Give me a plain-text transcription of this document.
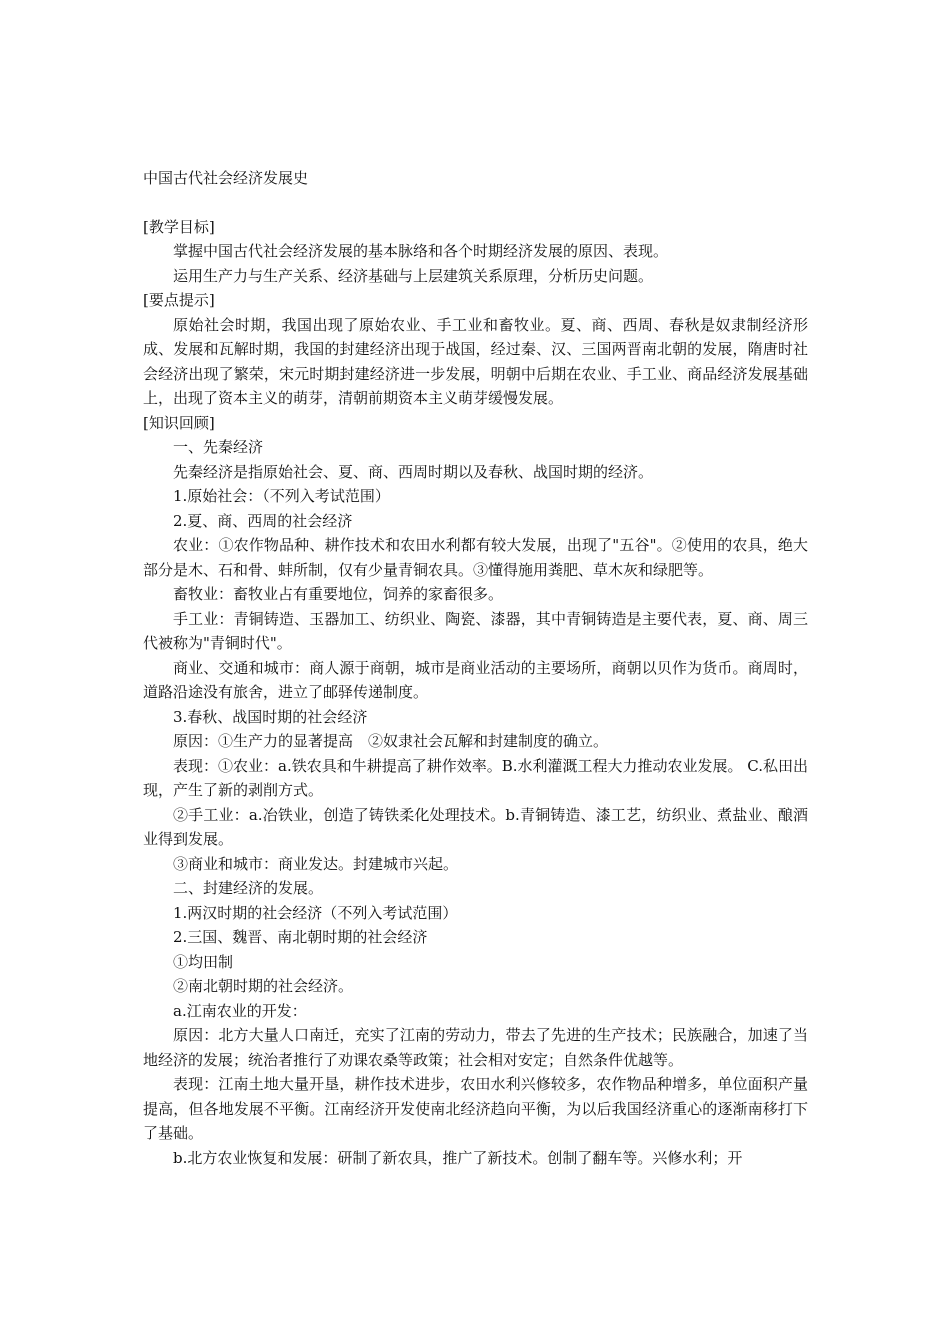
中国古代社会经济发展史
[教学目标]
掌握中国古代社会经济发展的基本脉络和各个时期经济发展的原因、表现。
运用生产力与生产关系、经济基础与上层建筑关系原理，分析历史问题。
[要点提示]
原始社会时期，我国出现了原始农业、手工业和畜牧业。夏、商、西周、春秋是奴隶制经济形成、发展和瓦解时期，我国的封建经济出现于战国，经过秦、汉、三国两晋南北朝的发展，隋唐时社会经济出现了繁荣，宋元时期封建经济进一步发展，明朝中后期在农业、手工业、商品经济发展基础上，出现了资本主义的萌芽，清朝前期资本主义萌芽缓慢发展。
[知识回顾]
一、先秦经济
先秦经济是指原始社会、夏、商、西周时期以及春秋、战国时期的经济。
1.原始社会：（不列入考试范围）
2.夏、商、西周的社会经济
农业：①农作物品种、耕作技术和农田水利都有较大发展，出现了"五谷"。②使用的农具，绝大部分是木、石和骨、蚌所制，仅有少量青铜农具。③懂得施用粪肥、草木灰和绿肥等。
畜牧业：畜牧业占有重要地位，饲养的家畜很多。
手工业：青铜铸造、玉器加工、纺织业、陶瓷、漆器，其中青铜铸造是主要代表，夏、商、周三代被称为"青铜时代"。
商业、交通和城市：商人源于商朝，城市是商业活动的主要场所，商朝以贝作为货币。商周时，道路沿途没有旅舍，进立了邮驿传递制度。
3.春秋、战国时期的社会经济
原因：①生产力的显著提高　②奴隶社会瓦解和封建制度的确立。
表现：①农业：a.铁农具和牛耕提高了耕作效率。B.水利灌溉工程大力推动农业发展。 C.私田出现，产生了新的剥削方式。
②手工业：a.冶铁业，创造了铸铁柔化处理技术。b.青铜铸造、漆工艺，纺织业、煮盐业、酿酒业得到发展。
③商业和城市：商业发达。封建城市兴起。
二、封建经济的发展。
1.两汉时期的社会经济（不列入考试范围）
2.三国、魏晋、南北朝时期的社会经济
①均田制
②南北朝时期的社会经济。
a.江南农业的开发：
原因：北方大量人口南迁，充实了江南的劳动力，带去了先进的生产技术；民族融合，加速了当地经济的发展；统治者推行了劝课农桑等政策；社会相对安定；自然条件优越等。
表现：江南土地大量开垦，耕作技术进步，农田水利兴修较多，农作物品种增多，单位面积产量提高，但各地发展不平衡。江南经济开发使南北经济趋向平衡，为以后我国经济重心的逐渐南移打下了基础。
b.北方农业恢复和发展：研制了新农具，推广了新技术。创制了翻车等。兴修水利；开
